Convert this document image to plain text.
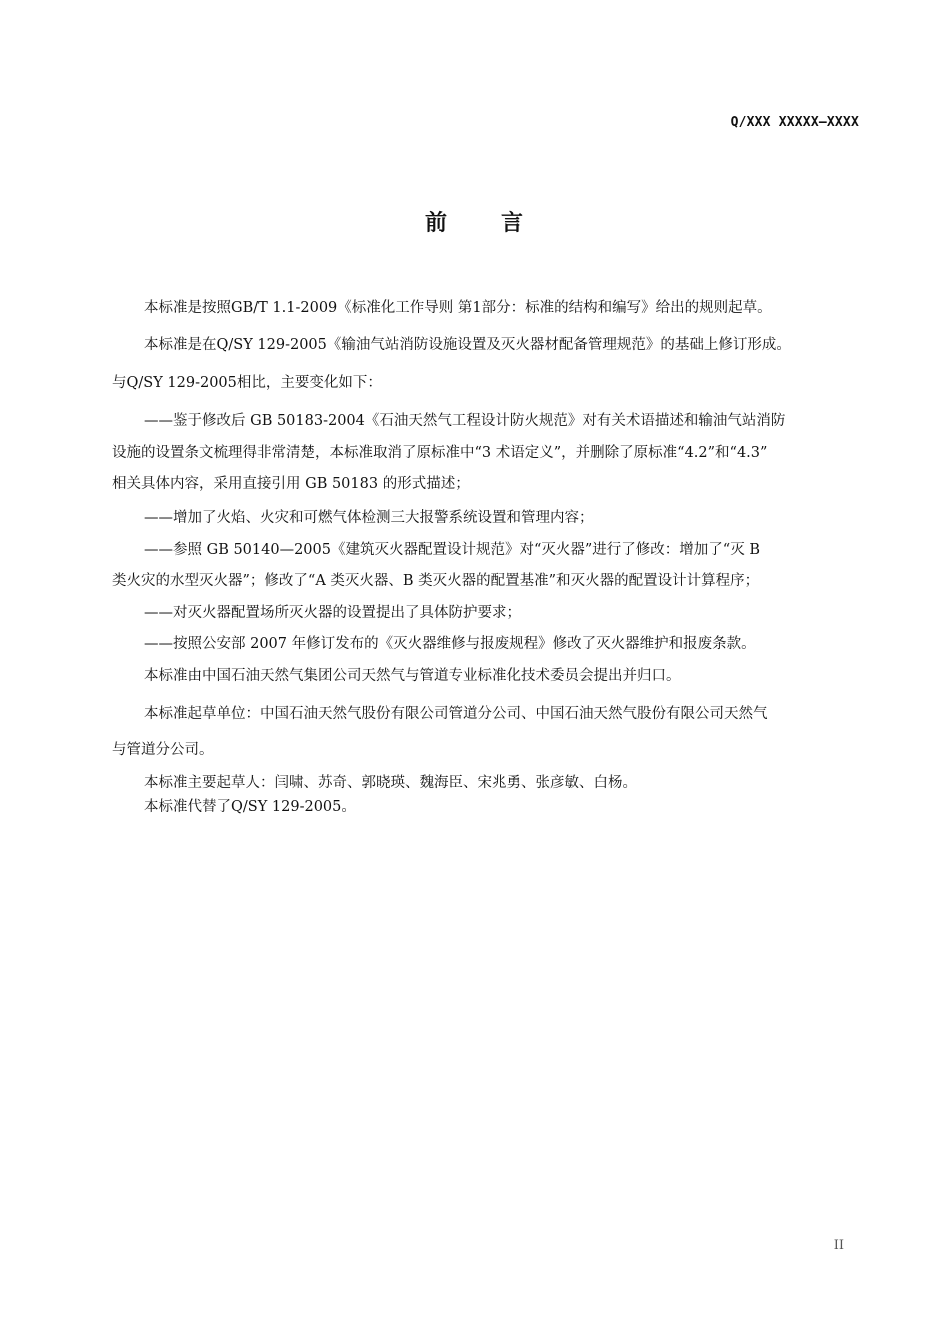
Q/XXX XXXXX—XXXX
前 言
本标准是按照GB/T 1.1-2009《标准化工作导则 第1部分：标准的结构和编写》给出的规则起草。
本标准是在Q/SY 129-2005《输油气站消防设施设置及灭火器材配备管理规范》的基础上修订形成。
与Q/SY 129-2005相比，主要变化如下：
——鉴于修改后 GB 50183-2004《石油天然气工程设计防火规范》对有关术语描述和输油气站消防
设施的设置条文梳理得非常清楚，本标准取消了原标准中“3 术语定义”，并删除了原标准“4.2”和“4.3”
相关具体内容，采用直接引用 GB 50183 的形式描述；
——增加了火焰、火灾和可燃气体检测三大报警系统设置和管理内容；
——参照 GB 50140—2005《建筑灭火器配置设计规范》对“灭火器”进行了修改：增加了“灭 B
类火灾的水型灭火器”；修改了“A 类灭火器、B 类灭火器的配置基准”和灭火器的配置设计计算程序；
——对灭火器配置场所灭火器的设置提出了具体防护要求；
——按照公安部 2007 年修订发布的《灭火器维修与报废规程》修改了灭火器维护和报废条款。
本标准由中国石油天然气集团公司天然气与管道专业标准化技术委员会提出并归口。
本标准起草单位：中国石油天然气股份有限公司管道分公司、中国石油天然气股份有限公司天然气
与管道分公司。
本标准主要起草人：闫啸、苏奇、郭晓瑛、魏海臣、宋兆勇、张彦敏、白杨。
本标准代替了Q/SY 129-2005。
II
